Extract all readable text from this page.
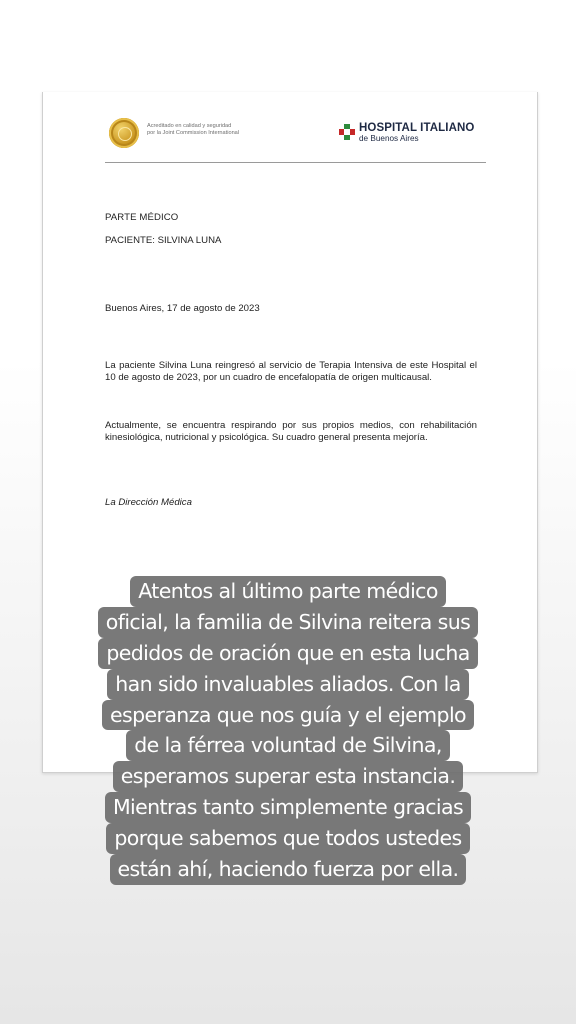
Acreditado en calidad y seguridad
por la Joint Commission International	HOSPITAL ITALIANO
de Buenos Aires
PARTE MÉDICO
PACIENTE: SILVINA LUNA
Buenos Aires, 17 de agosto de 2023
La paciente Silvina Luna reingresó al servicio de Terapia Intensiva de este Hospital el 10 de agosto de 2023, por un cuadro de encefalopatía de origen multicausal.
Actualmente, se encuentra respirando por sus propios medios, con rehabilitación kinesiológica, nutricional y psicológica. Su cuadro general presenta mejoría.
La Dirección Médica
Atentos al último parte médico
oficial, la familia de Silvina reitera sus
pedidos de oración que en esta lucha
han sido invaluables aliados. Con la
esperanza que nos guía y el ejemplo
de la férrea voluntad de Silvina,
esperamos superar esta instancia.
Mientras tanto simplemente gracias
porque sabemos que todos ustedes
están ahí, haciendo fuerza por ella.
